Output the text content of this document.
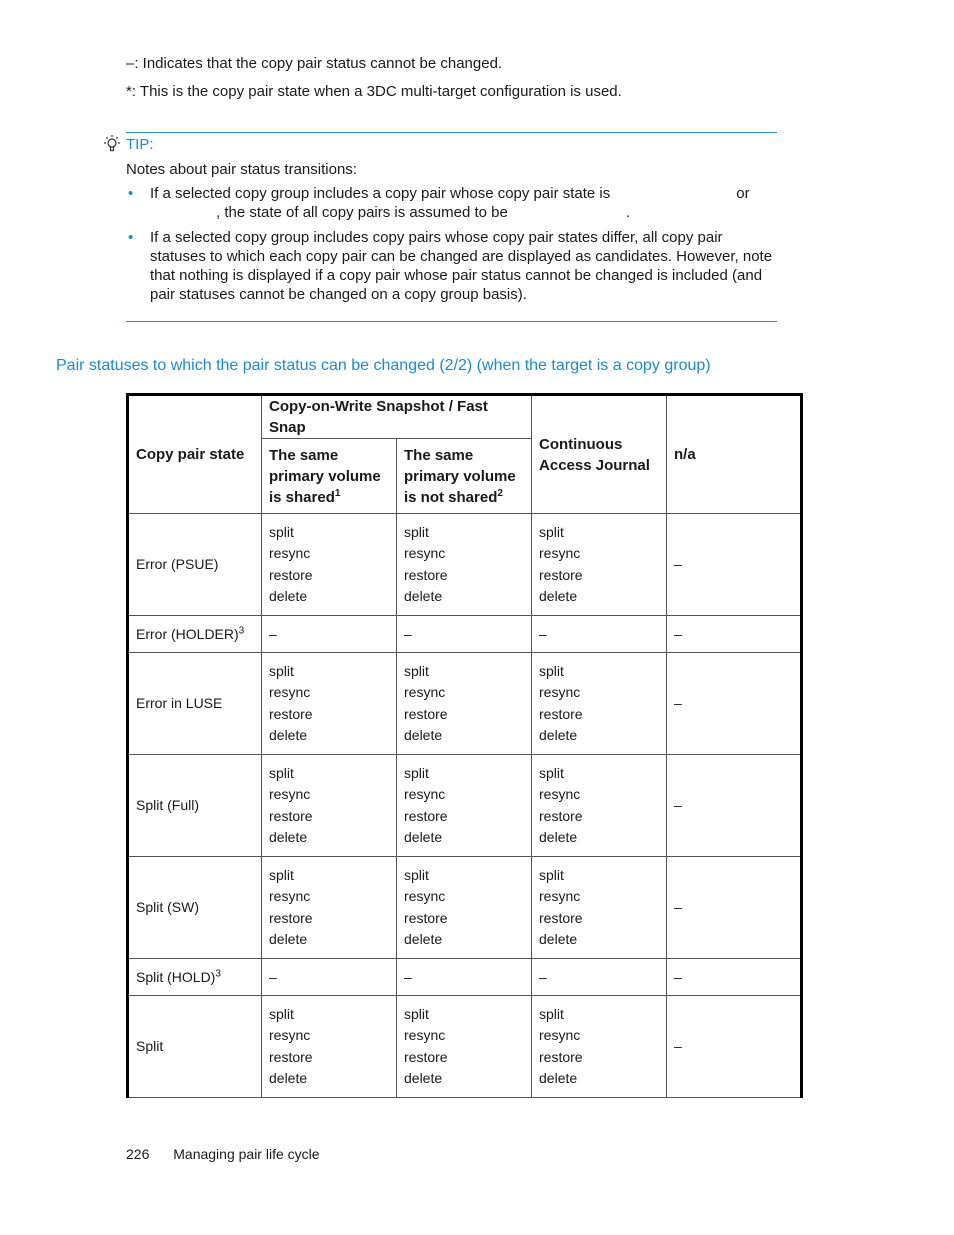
–: Indicates that the copy pair status cannot be changed.

*: This is the copy pair state when a 3DC multi-target configuration is used.

TIP:

Notes about pair status transitions:

• If a selected copy group includes a copy pair whose copy pair state is	or
, the state of all copy pairs is assumed to be	.
• If a selected copy group includes copy pairs whose copy pair states differ, all copy pair statuses to which each copy pair can be changed are displayed as candidates. However, note that nothing is displayed if a copy pair whose pair status cannot be changed is included (and pair statuses cannot be changed on a copy group basis).
Pair statuses to which the pair status can be changed (2/2) (when the target is a copy group)
Copy pair state	Copy-on-Write Snapshot / Fast Snap		Continuous Access Journal	n/a
	The same primary volume is shared$^1$	The same primary volume is not shared$^2$
Error (PSUE)	split
resync
restore
delete	split
resync
restore
delete	split
resync
restore
delete	–
Error (HOLDER)$^3$	–	–	–	–
Error in LUSE	split
resync
restore
delete	split
resync
restore
delete	split
resync
restore
delete	–
Split (Full)	split
resync
restore
delete	split
resync
restore
delete	split
resync
restore
delete	–
Split (SW)	split
resync
restore
delete	split
resync
restore
delete	split
resync
restore
delete	–
Split (HOLD)$^3$	–	–	–	–
Split	split
resync
restore
delete	split
resync
restore
delete	split
resync
restore
delete	–
226 Managing pair life cycle
